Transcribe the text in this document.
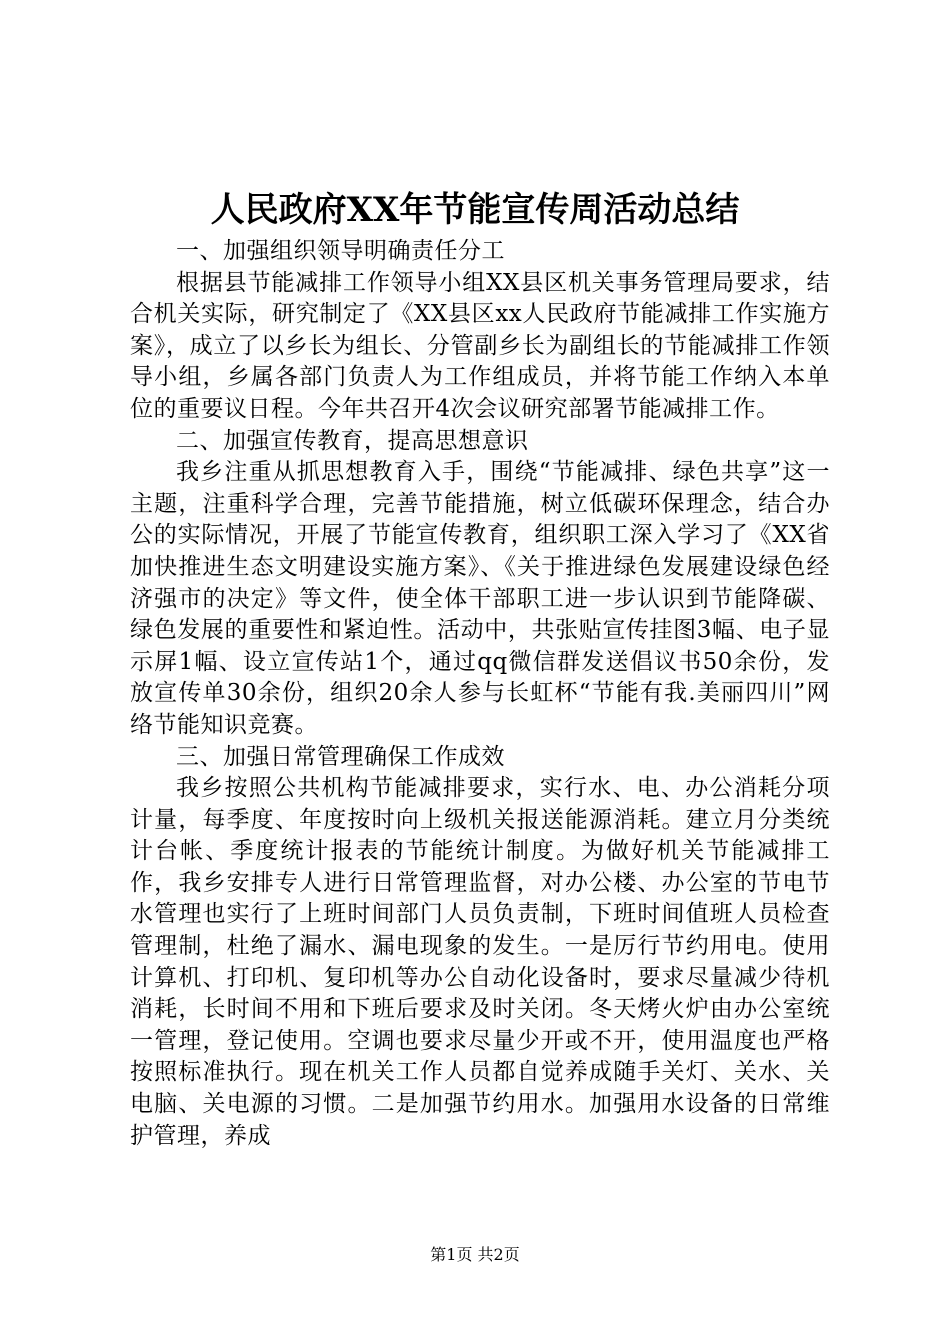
人民政府XX年节能宣传周活动总结

一、加强组织领导明确责任分工

根据县节能减排工作领导小组XX县区机关事务管理局要求，结合机关实际，研究制定了《XX县区xx人民政府节能减排工作实施方案》，成立了以乡长为组长、分管副乡长为副组长的节能减排工作领导小组，乡属各部门负责人为工作组成员，并将节能工作纳入本单位的重要议日程。今年共召开4次会议研究部署节能减排工作。

二、加强宣传教育，提高思想意识

我乡注重从抓思想教育入手，围绕“节能减排、绿色共享”这一主题，注重科学合理，完善节能措施，树立低碳环保理念，结合办公的实际情况，开展了节能宣传教育，组织职工深入学习了《XX省加快推进生态文明建设实施方案》、《关于推进绿色发展建设绿色经济强市的决定》等文件，使全体干部职工进一步认识到节能降碳、绿色发展的重要性和紧迫性。活动中，共张贴宣传挂图3幅、电子显示屏1幅、设立宣传站1个，通过qq微信群发送倡议书50余份，发放宣传单30余份，组织20余人参与长虹杯“节能有我.美丽四川”网络节能知识竞赛。

三、加强日常管理确保工作成效

我乡按照公共机构节能减排要求，实行水、电、办公消耗分项计量，每季度、年度按时向上级机关报送能源消耗。建立月分类统计台帐、季度统计报表的节能统计制度。为做好机关节能减排工作，我乡安排专人进行日常管理监督，对办公楼、办公室的节电节水管理也实行了上班时间部门人员负责制，下班时间值班人员检查管理制，杜绝了漏水、漏电现象的发生。一是厉行节约用电。使用计算机、打印机、复印机等办公自动化设备时，要求尽量减少待机消耗，长时间不用和下班后要求及时关闭。冬天烤火炉由办公室统一管理，登记使用。空调也要求尽量少开或不开，使用温度也严格按照标准执行。现在机关工作人员都自觉养成随手关灯、关水、关电脑、关电源的习惯。二是加强节约用水。加强用水设备的日常维护管理，养成

第1页 共2页
